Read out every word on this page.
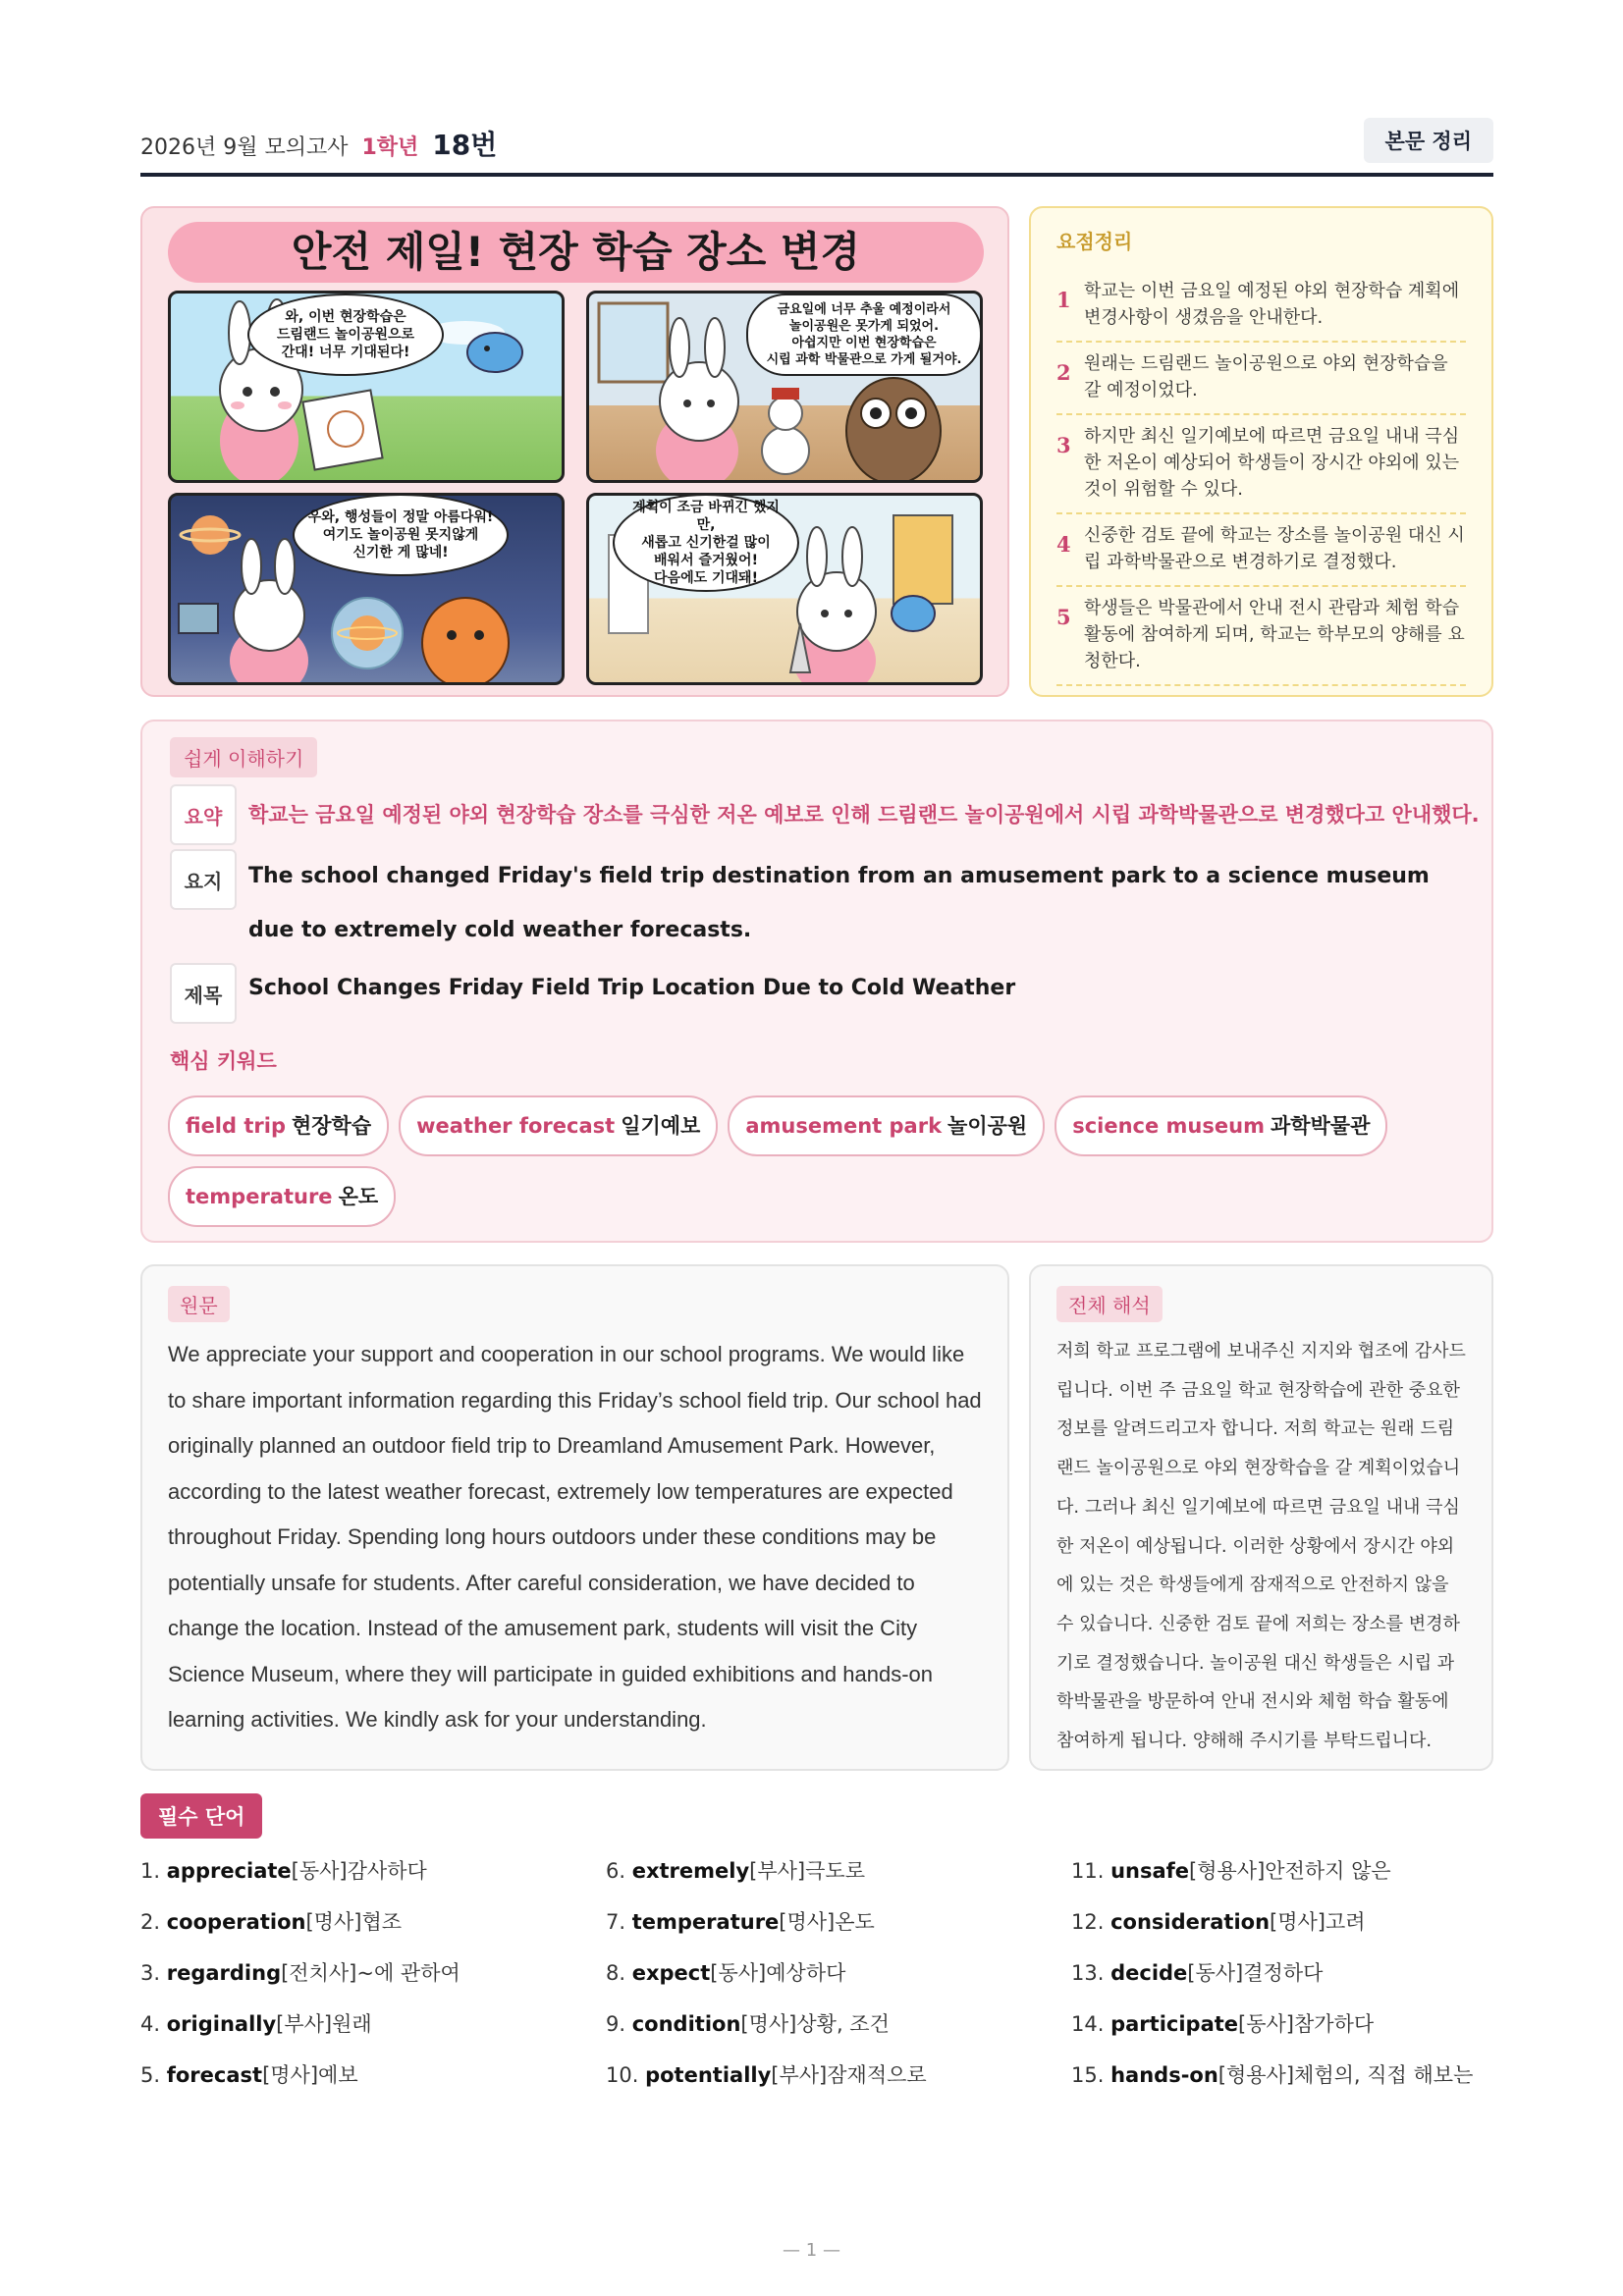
2026년 9월 모의고사 1학년 18번	본문 정리
안전 제일! 현장 학습 장소 변경
와, 이번 현장학습은
드림랜드 놀이공원으로
간대! 너무 기대된다!
금요일에 너무 추울 예정이라서
놀이공원은 못가게 되었어.
아쉽지만 이번 현장학습은
시립 과학 박물관으로 가게 될거야.
우와, 행성들이 정말 아름다워!
여기도 놀이공원 못지않게
신기한 게 많네!
계획이 조금 바뀌긴 했지만,
새롭고 신기한걸 많이
배워서 즐거웠어!
다음에도 기대돼!
요점정리
1 학교는 이번 금요일 예정된 야외 현장학습 계획에 변경사항이 생겼음을 안내한다.
2 원래는 드림랜드 놀이공원으로 야외 현장학습을 갈 예정이었다.
3 하지만 최신 일기예보에 따르면 금요일 내내 극심한 저온이 예상되어 학생들이 장시간 야외에 있는 것이 위험할 수 있다.
4 신중한 검토 끝에 학교는 장소를 놀이공원 대신 시립 과학박물관으로 변경하기로 결정했다.
5 학생들은 박물관에서 안내 전시 관람과 체험 학습 활동에 참여하게 되며, 학교는 학부모의 양해를 요청한다.
쉽게 이해하기
요약	학교는 금요일 예정된 야외 현장학습 장소를 극심한 저온 예보로 인해 드림랜드 놀이공원에서 시립 과학박물관으로 변경했다고 안내했다.
요지	The school changed Friday's field trip destination from an amusement park to a science museum due to extremely cold weather forecasts.
제목	School Changes Friday Field Trip Location Due to Cold Weather
핵심 키워드
field trip 현장학습	weather forecast 일기예보	amusement park 놀이공원	science museum 과학박물관
temperature 온도
원문
We appreciate your support and cooperation in our school programs. We would like to share important information regarding this Friday’s school field trip. Our school had originally planned an outdoor field trip to Dreamland Amusement Park. However, according to the latest weather forecast, extremely low temperatures are expected throughout Friday. Spending long hours outdoors under these conditions may be potentially unsafe for students. After careful consideration, we have decided to change the location. Instead of the amusement park, students will visit the City Science Museum, where they will participate in guided exhibitions and hands-on learning activities. We kindly ask for your understanding.
전체 해석
저희 학교 프로그램에 보내주신 지지와 협조에 감사드립니다. 이번 주 금요일 학교 현장학습에 관한 중요한 정보를 알려드리고자 합니다. 저희 학교는 원래 드림랜드 놀이공원으로 야외 현장학습을 갈 계획이었습니다. 그러나 최신 일기예보에 따르면 금요일 내내 극심한 저온이 예상됩니다. 이러한 상황에서 장시간 야외에 있는 것은 학생들에게 잠재적으로 안전하지 않을 수 있습니다. 신중한 검토 끝에 저희는 장소를 변경하기로 결정했습니다. 놀이공원 대신 학생들은 시립 과학박물관을 방문하여 안내 전시와 체험 학습 활동에 참여하게 됩니다. 양해해 주시기를 부탁드립니다.
필수 단어
1. appreciate[동사]감사하다
2. cooperation[명사]협조
3. regarding[전치사]~에 관하여
4. originally[부사]원래
5. forecast[명사]예보
6. extremely[부사]극도로
7. temperature[명사]온도
8. expect[동사]예상하다
9. condition[명사]상황, 조건
10. potentially[부사]잠재적으로
11. unsafe[형용사]안전하지 않은
12. consideration[명사]고려
13. decide[동사]결정하다
14. participate[동사]참가하다
15. hands-on[형용사]체험의, 직접 해보는
— 1 —
